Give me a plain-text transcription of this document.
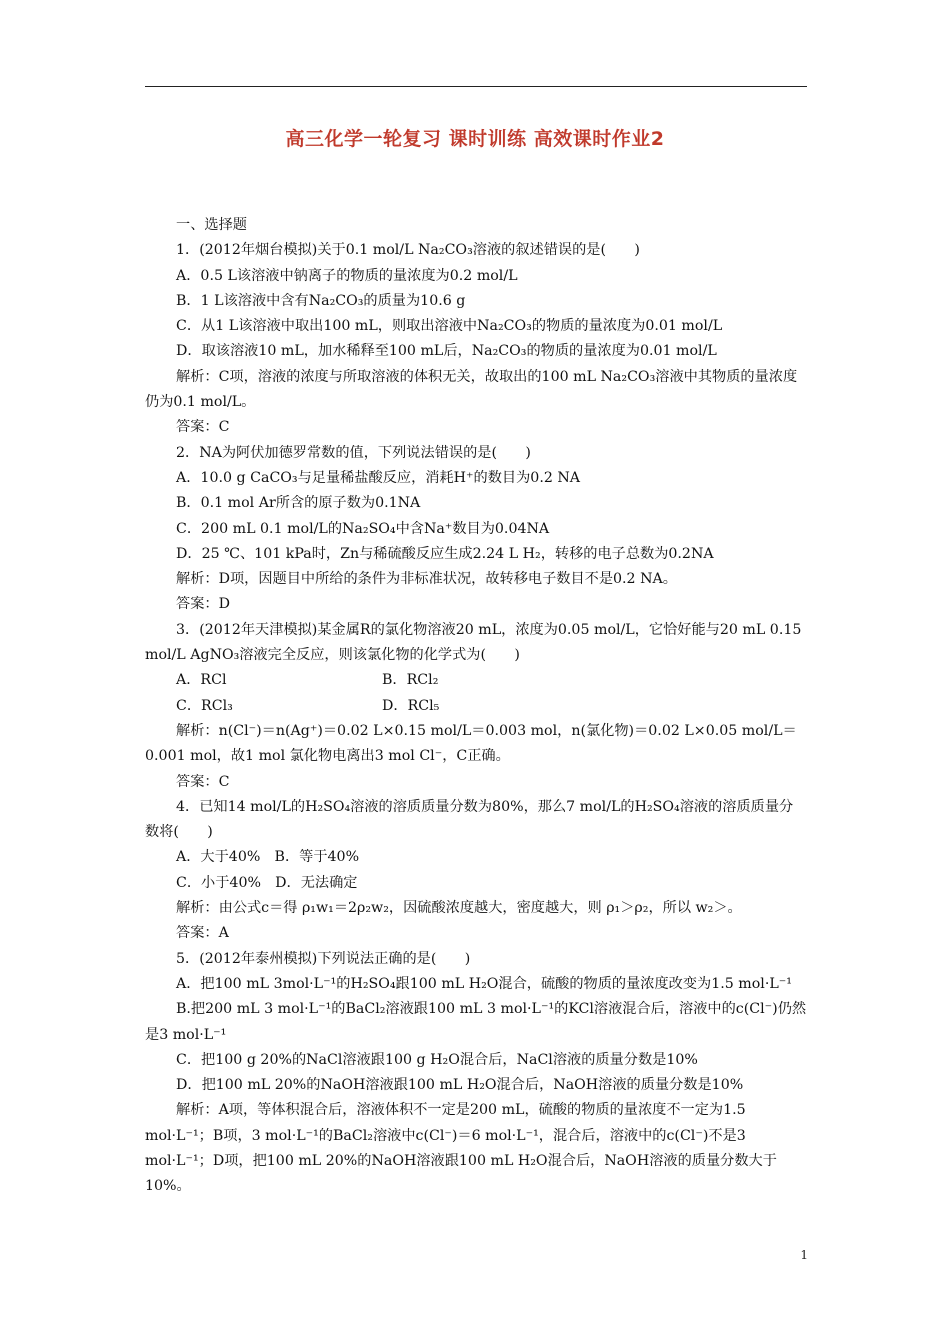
高三化学一轮复习 课时训练 高效课时作业2
一、选择题
1．(2012年烟台模拟)关于0.1 mol/L Na₂CO₃溶液的叙述错误的是(　　)
A．0.5 L该溶液中钠离子的物质的量浓度为0.2 mol/L
B．1 L该溶液中含有Na₂CO₃的质量为10.6 g
C．从1 L该溶液中取出100 mL，则取出溶液中Na₂CO₃的物质的量浓度为0.01 mol/L
D．取该溶液10 mL，加水稀释至100 mL后，Na₂CO₃的物质的量浓度为0.01 mol/L
解析：C项，溶液的浓度与所取溶液的体积无关，故取出的100 mL Na₂CO₃溶液中其物质的量浓度仍为0.1 mol/L。
答案：C
2．NA为阿伏加德罗常数的值，下列说法错误的是(　　)
A．10.0 g CaCO₃与足量稀盐酸反应，消耗H⁺的数目为0.2 NA
B．0.1 mol Ar所含的原子数为0.1NA
C．200 mL 0.1 mol/L的Na₂SO₄中含Na⁺数目为0.04NA
D．25 ℃、101 kPa时，Zn与稀硫酸反应生成2.24 L H₂，转移的电子总数为0.2NA
解析：D项，因题目中所给的条件为非标准状况，故转移电子数目不是0.2 NA。
答案：D
3．(2012年天津模拟)某金属R的氯化物溶液20 mL，浓度为0.05 mol/L，它恰好能与20 mL 0.15 mol/L AgNO₃溶液完全反应，则该氯化物的化学式为(　　)
A．RCl	B．RCl₂
C．RCl₃	D．RCl₅
解析：n(Cl⁻)＝n(Ag⁺)＝0.02 L×0.15 mol/L＝0.003 mol，n(氯化物)＝0.02 L×0.05 mol/L＝0.001 mol，故1 mol 氯化物电离出3 mol Cl⁻，C正确。
答案：C
4．已知14 mol/L的H₂SO₄溶液的溶质质量分数为80%，那么7 mol/L的H₂SO₄溶液的溶质质量分数将(　　)
A．大于40%　B．等于40%
C．小于40%　D．无法确定
解析：由公式c＝得 ρ₁w₁＝2ρ₂w₂，因硫酸浓度越大，密度越大，则 ρ₁＞ρ₂，所以 w₂＞。
答案：A
5．(2012年泰州模拟)下列说法正确的是(　　)
A．把100 mL 3mol·L⁻¹的H₂SO₄跟100 mL H₂O混合，硫酸的物质的量浓度改变为1.5 mol·L⁻¹
B.把200 mL 3 mol·L⁻¹的BaCl₂溶液跟100 mL 3 mol·L⁻¹的KCl溶液混合后，溶液中的c(Cl⁻)仍然是3 mol·L⁻¹
C．把100 g 20%的NaCl溶液跟100 g H₂O混合后，NaCl溶液的质量分数是10%
D．把100 mL 20%的NaOH溶液跟100 mL H₂O混合后，NaOH溶液的质量分数是10%
解析：A项，等体积混合后，溶液体积不一定是200 mL，硫酸的物质的量浓度不一定为1.5 mol·L⁻¹；B项，3 mol·L⁻¹的BaCl₂溶液中c(Cl⁻)＝6 mol·L⁻¹，混合后，溶液中的c(Cl⁻)不是3 mol·L⁻¹；D项，把100 mL 20%的NaOH溶液跟100 mL H₂O混合后，NaOH溶液的质量分数大于10%。
1
